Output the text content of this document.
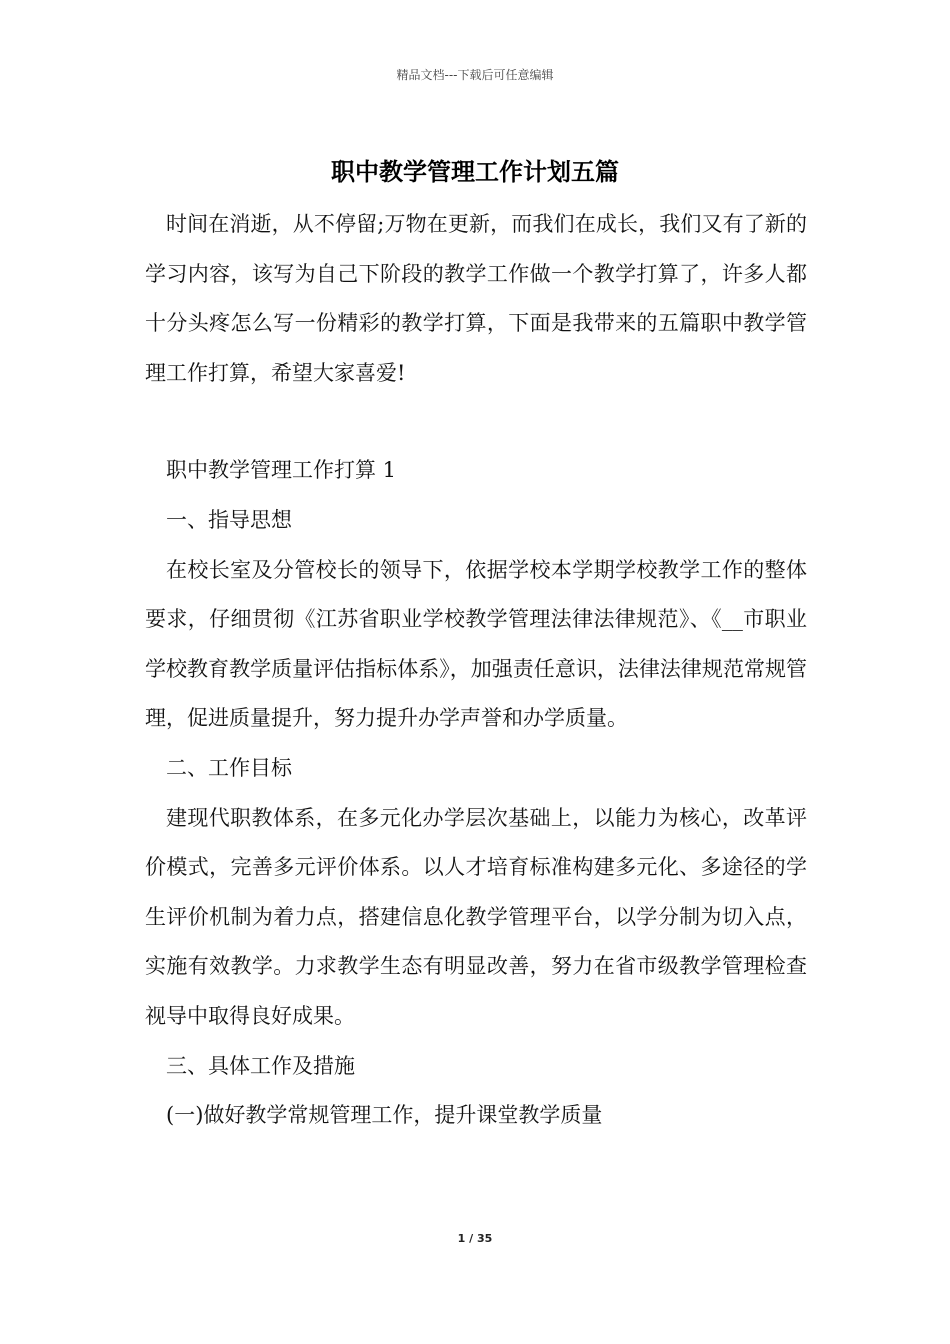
精品文档---下载后可任意编辑
职中教学管理工作计划五篇

时间在消逝，从不停留;万物在更新，而我们在成长，我们又有了新的学习内容，该写为自己下阶段的教学工作做一个教学打算了，许多人都十分头疼怎么写一份精彩的教学打算，下面是我带来的五篇职中教学管理工作打算，希望大家喜爱!

职中教学管理工作打算 1

一、指导思想

在校长室及分管校长的领导下，依据学校本学期学校教学工作的整体要求，仔细贯彻《江苏省职业学校教学管理法律法律规范》、《__市职业学校教育教学质量评估指标体系》，加强责任意识，法律法律规范常规管理，促进质量提升，努力提升办学声誉和办学质量。

二、工作目标

建现代职教体系，在多元化办学层次基础上，以能力为核心，改革评价模式，完善多元评价体系。以人才培育标准构建多元化、多途径的学生评价机制为着力点，搭建信息化教学管理平台，以学分制为切入点，实施有效教学。力求教学生态有明显改善，努力在省市级教学管理检查视导中取得良好成果。

三、具体工作及措施

(一)做好教学常规管理工作，提升课堂教学质量

1 / 35
